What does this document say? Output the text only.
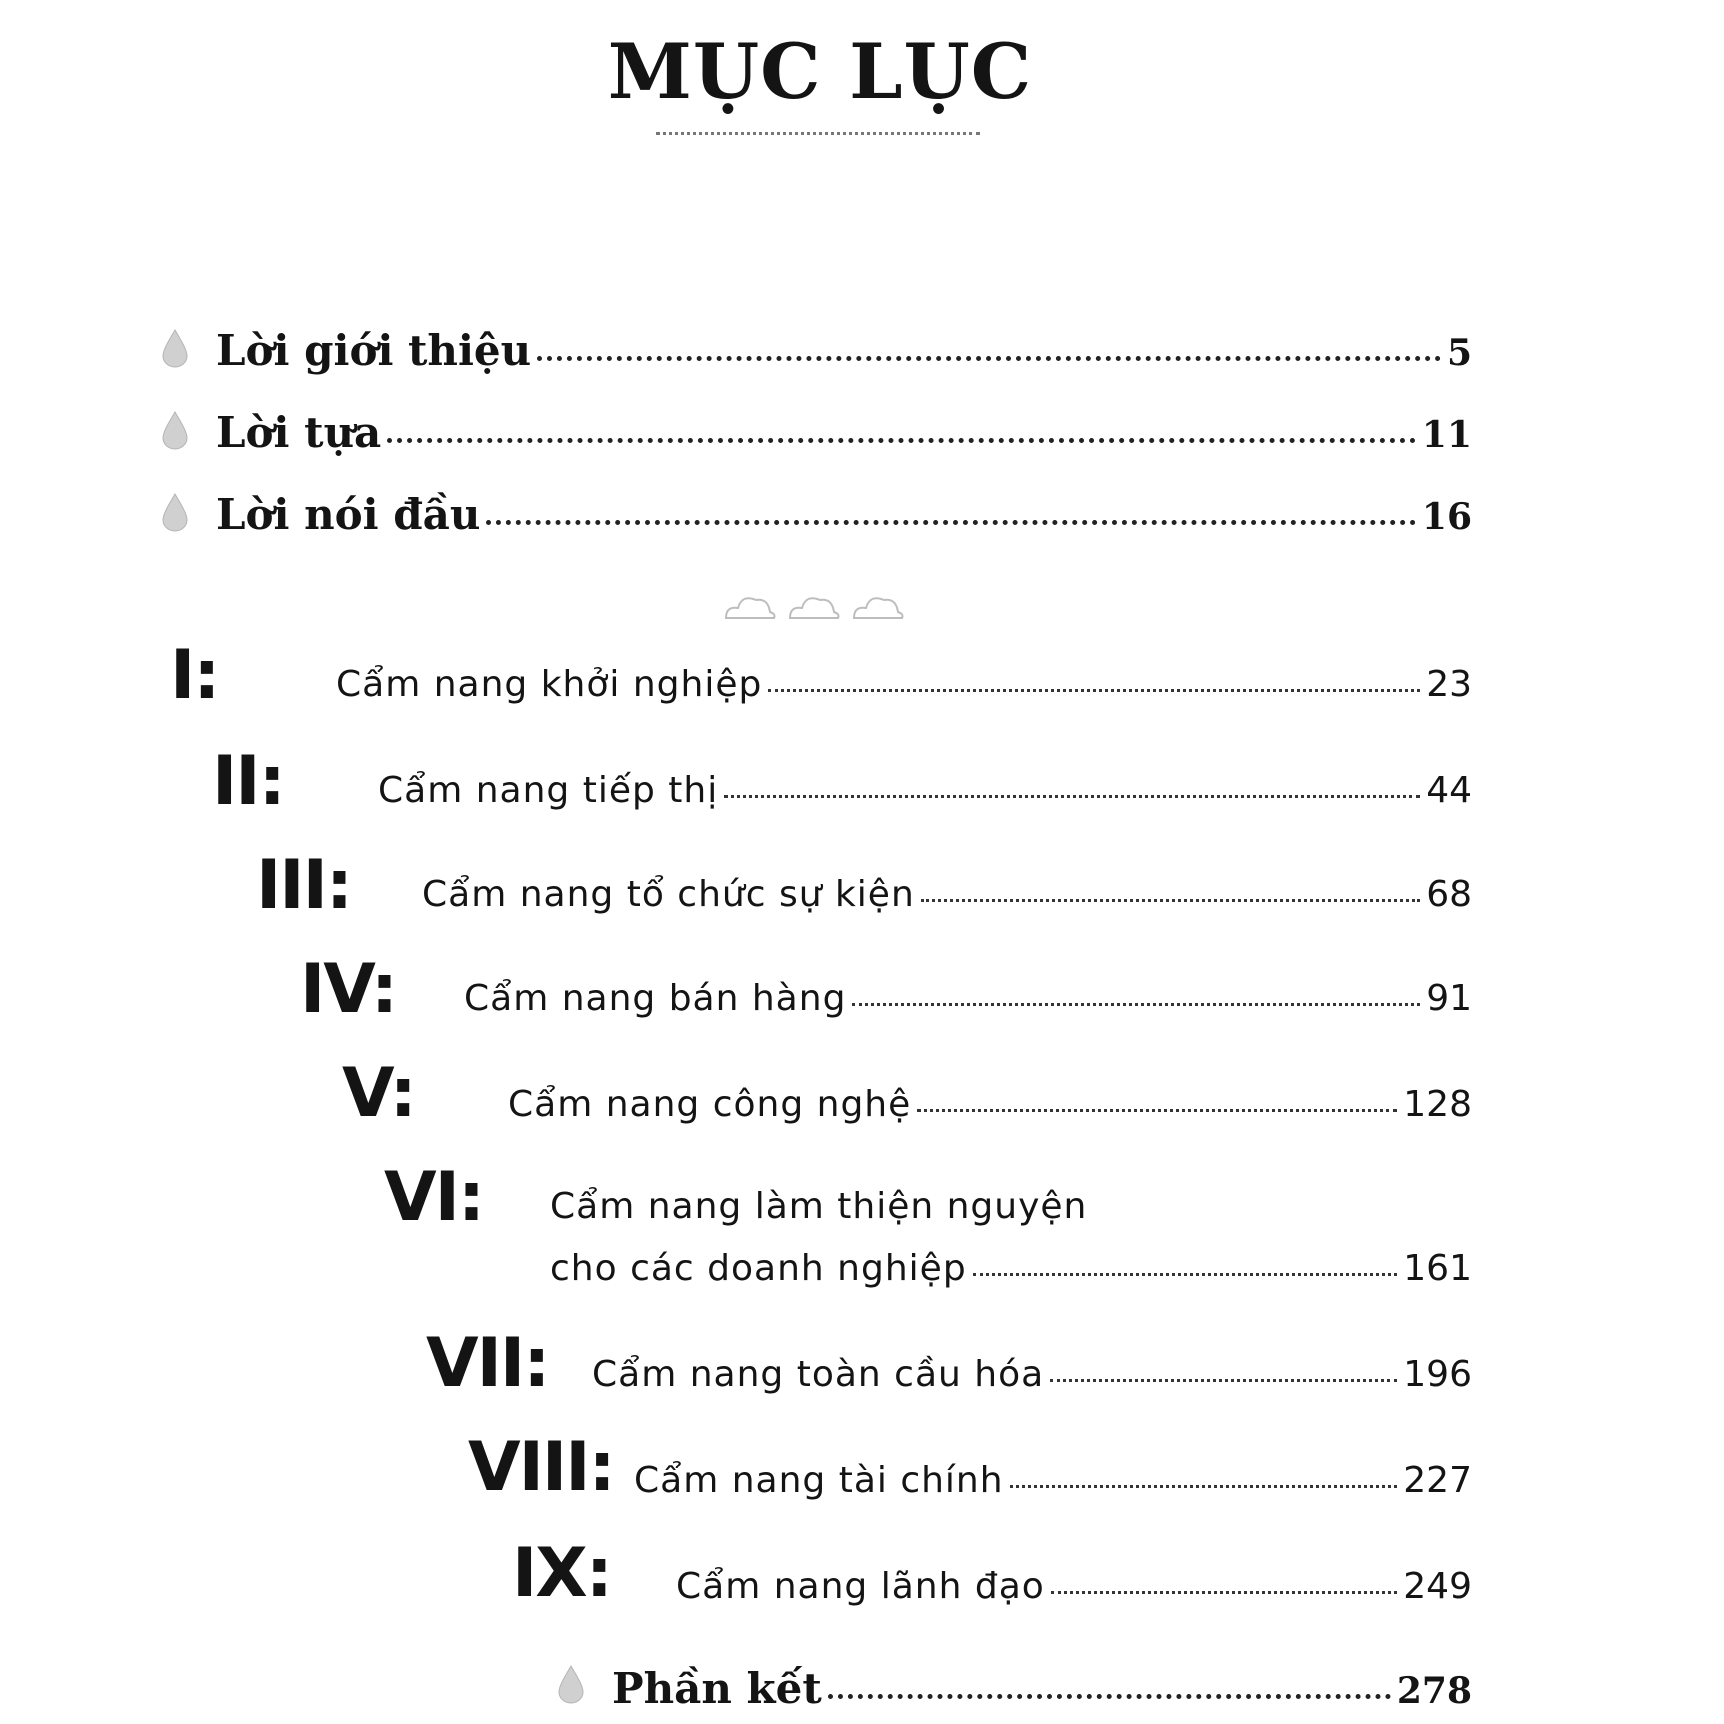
MỤC LỤC
Lời giới thiệu	5
Lời tựa	11
Lời nói đầu	16
I:	Cẩm nang khởi nghiệp	23
II:	Cẩm nang tiếp thị	44
III: Cẩm nang tổ chức sự kiện	68
IV: Cẩm nang bán hàng	91
V:	Cẩm nang công nghệ	128
VI: Cẩm nang làm thiện nguyện
cho các doanh nghiệp	161
VII: Cẩm nang toàn cầu hóa	196
VIII: Cẩm nang tài chính	227
IX: Cẩm nang lãnh đạo	249
Phần kết	278
